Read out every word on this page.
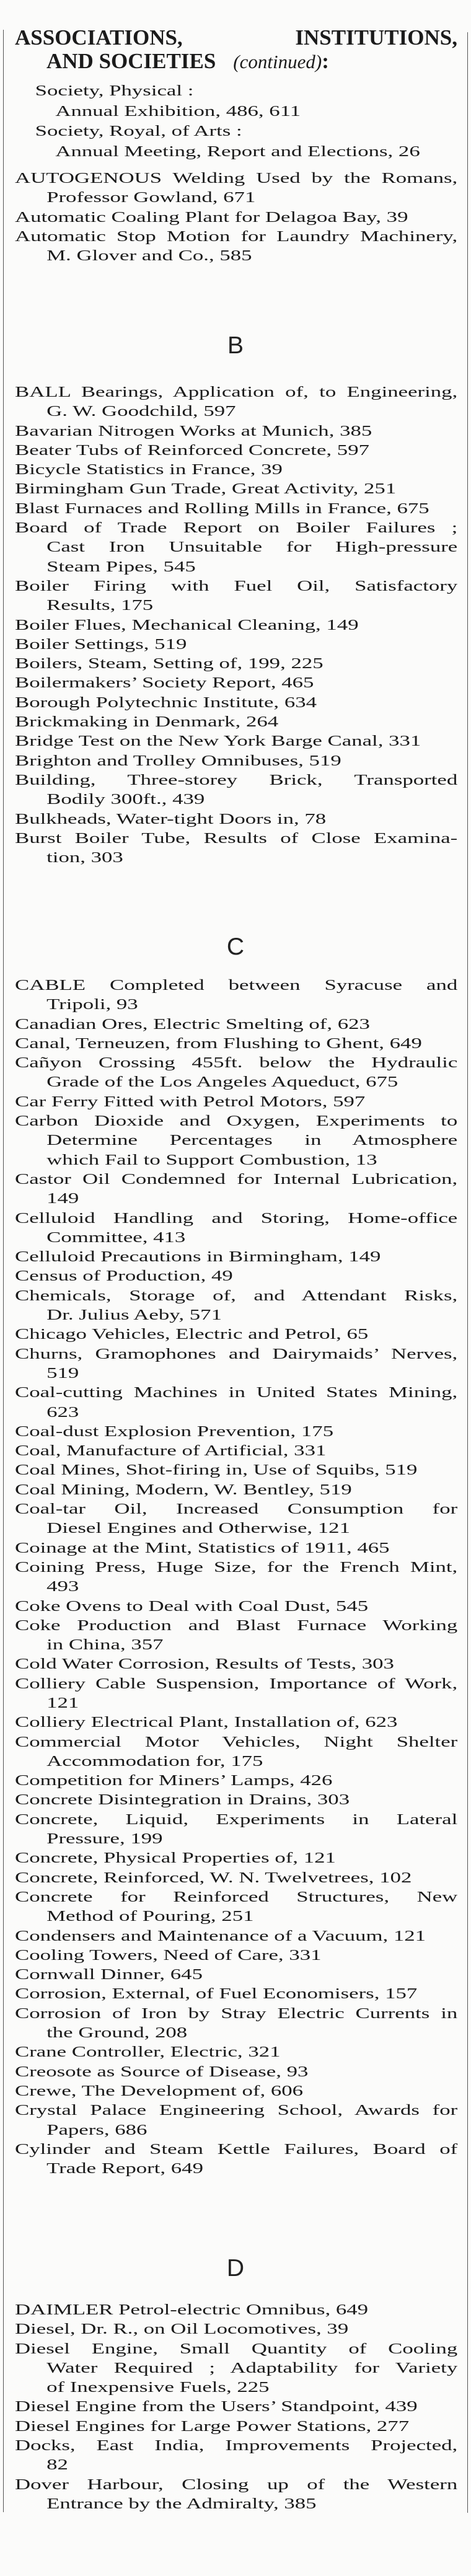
ASSOCIATIONS,	INSTITUTIONS,
AND SOCIETIES (continued):
Society, Physical :
Annual Exhibition, 486, 611
Society, Royal, of Arts :
Annual Meeting, Report and Elections, 26
AUTOGENOUS Welding Used by the Romans,
Professor Gowland, 671
Automatic Coaling Plant for Delagoa Bay, 39
Automatic Stop Motion for Laundry Machinery,
M. Glover and Co., 585
B
BALL Bearings, Application of, to Engineering,
G. W. Goodchild, 597
Bavarian Nitrogen Works at Munich, 385
Beater Tubs of Reinforced Concrete, 597
Bicycle Statistics in France, 39
Birmingham Gun Trade, Great Activity, 251
Blast Furnaces and Rolling Mills in France, 675
Board of Trade Report on Boiler Failures ;
Cast Iron Unsuitable for High-pressure
Steam Pipes, 545
Boiler Firing with Fuel Oil, Satisfactory
Results, 175
Boiler Flues, Mechanical Cleaning, 149
Boiler Settings, 519
Boilers, Steam, Setting of, 199, 225
Boilermakers’ Society Report, 465
Borough Polytechnic Institute, 634
Brickmaking in Denmark, 264
Bridge Test on the New York Barge Canal, 331
Brighton and Trolley Omnibuses, 519
Building, Three-storey Brick, Transported
Bodily 300ft., 439
Bulkheads, Water-tight Doors in, 78
Burst Boiler Tube, Results of Close Examina-
tion, 303
C
CABLE Completed between Syracuse and
Tripoli, 93
Canadian Ores, Electric Smelting of, 623
Canal, Terneuzen, from Flushing to Ghent, 649
Cañyon Crossing 455ft. below the Hydraulic
Grade of the Los Angeles Aqueduct, 675
Car Ferry Fitted with Petrol Motors, 597
Carbon Dioxide and Oxygen, Experiments to
Determine Percentages in Atmosphere
which Fail to Support Combustion, 13
Castor Oil Condemned for Internal Lubrication,
149
Celluloid Handling and Storing, Home-office
Committee, 413
Celluloid Precautions in Birmingham, 149
Census of Production, 49
Chemicals, Storage of, and Attendant Risks,
Dr. Julius Aeby, 571
Chicago Vehicles, Electric and Petrol, 65
Churns, Gramophones and Dairymaids’ Nerves,
519
Coal-cutting Machines in United States Mining,
623
Coal-dust Explosion Prevention, 175
Coal, Manufacture of Artificial, 331
Coal Mines, Shot-firing in, Use of Squibs, 519
Coal Mining, Modern, W. Bentley, 519
Coal-tar Oil, Increased Consumption for
Diesel Engines and Otherwise, 121
Coinage at the Mint, Statistics of 1911, 465
Coining Press, Huge Size, for the French Mint,
493
Coke Ovens to Deal with Coal Dust, 545
Coke Production and Blast Furnace Working
in China, 357
Cold Water Corrosion, Results of Tests, 303
Colliery Cable Suspension, Importance of Work,
121
Colliery Electrical Plant, Installation of, 623
Commercial Motor Vehicles, Night Shelter
Accommodation for, 175
Competition for Miners’ Lamps, 426
Concrete Disintegration in Drains, 303
Concrete, Liquid, Experiments in Lateral
Pressure, 199
Concrete, Physical Properties of, 121
Concrete, Reinforced, W. N. Twelvetrees, 102
Concrete for Reinforced Structures, New
Method of Pouring, 251
Condensers and Maintenance of a Vacuum, 121
Cooling Towers, Need of Care, 331
Cornwall Dinner, 645
Corrosion, External, of Fuel Economisers, 157
Corrosion of Iron by Stray Electric Currents in
the Ground, 208
Crane Controller, Electric, 321
Creosote as Source of Disease, 93
Crewe, The Development of, 606
Crystal Palace Engineering School, Awards for
Papers, 686
Cylinder and Steam Kettle Failures, Board of
Trade Report, 649
D
DAIMLER Petrol-electric Omnibus, 649
Diesel, Dr. R., on Oil Locomotives, 39
Diesel Engine, Small Quantity of Cooling
Water Required ; Adaptability for Variety
of Inexpensive Fuels, 225
Diesel Engine from the Users’ Standpoint, 439
Diesel Engines for Large Power Stations, 277
Docks, East India, Improvements Projected,
82
Dover Harbour, Closing up of the Western
Entrance by the Admiralty, 385
